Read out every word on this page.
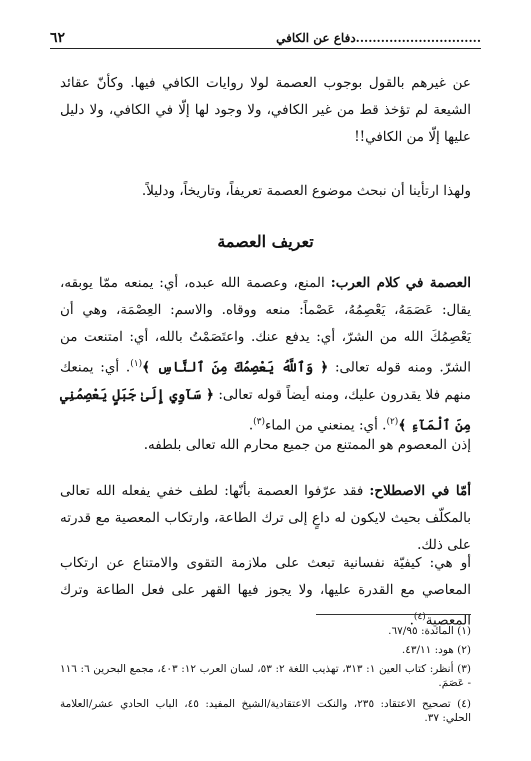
٦٢	..............................دفاع عن الكافي

عن غيرهم بالقول بوجوب العصمة لولا روايات الكافي فيها. وكأنّ عقائد الشيعة لم تؤخذ قط من غير الكافي، ولا وجود لها إلّا في الكافي، ولا دليل عليها إلّا من الكافي!!

ولهذا ارتأينا أن نبحث موضوع العصمة تعريفاً، وتاريخاً، ودليلاً.

تعريف العصمة

العصمة في كلام العرب: المنع، وعصمة الله عبده، أي: يمنعه ممّا يوبقه، يقال: عَصَمَهُ، يَعْصِمُهُ، عَصْماً: منعه ووقاه. والاسم: العِصْمَة، وهي أن يَعْصِمُكَ الله من الشرّ، أي: يدفع عنك. واعتَصَمْتُ بالله، أي: امتنعت من الشرّ. ومنه قوله تعالى: ﴿ وَٱللَّهُ يَعْصِمُكَ مِنَ ٱلنَّاسِ ﴾$^{(١)}$. أي: يمنعك منهم فلا يقدرون عليك، ومنه أيضاً قوله تعالى: ﴿ سَآوِي إِلَىٰ جَبَلٍ يَعْصِمُنِي مِنَ ٱلْمَآءِ ﴾$^{(٢)}$. أي: يمنعني من الماء$^{(٣)}$.

إذن المعصوم هو الممتنع من جميع محارم الله تعالى بلطفه.

أمّا في الاصطلاح: فقد عرّفوا العصمة بأنّها: لطف خفي يفعله الله تعالى بالمكلّف بحيث لايكون له داعٍ إلى ترك الطاعة، وارتكاب المعصية مع قدرته على ذلك.

أو هي: كيفيّة نفسانية تبعث على ملازمة التقوى والامتناع عن ارتكاب المعاصي مع القدرة عليها، ولا يجوز فيها القهر على فعل الطاعة وترك المعصية$^{(٤)}$.

(١) المائدة: ٦٧/٩٥.

(٢) هود: ٤٣/١١.

(٣) أنظر: كتاب العين ١: ٣١٣، تهذيب اللغة ٢: ٥٣، لسان العرب ١٢: ٤٠٣، مجمع البحرين ٦: ١١٦ - عَصَمَ.

(٤) تصحيح الاعتقاد: ٢٣٥، والنكت الاعتقادية/الشيخ المفيد: ٤٥، الباب الحادي عشر/العلامة الحلي: ٣٧.
